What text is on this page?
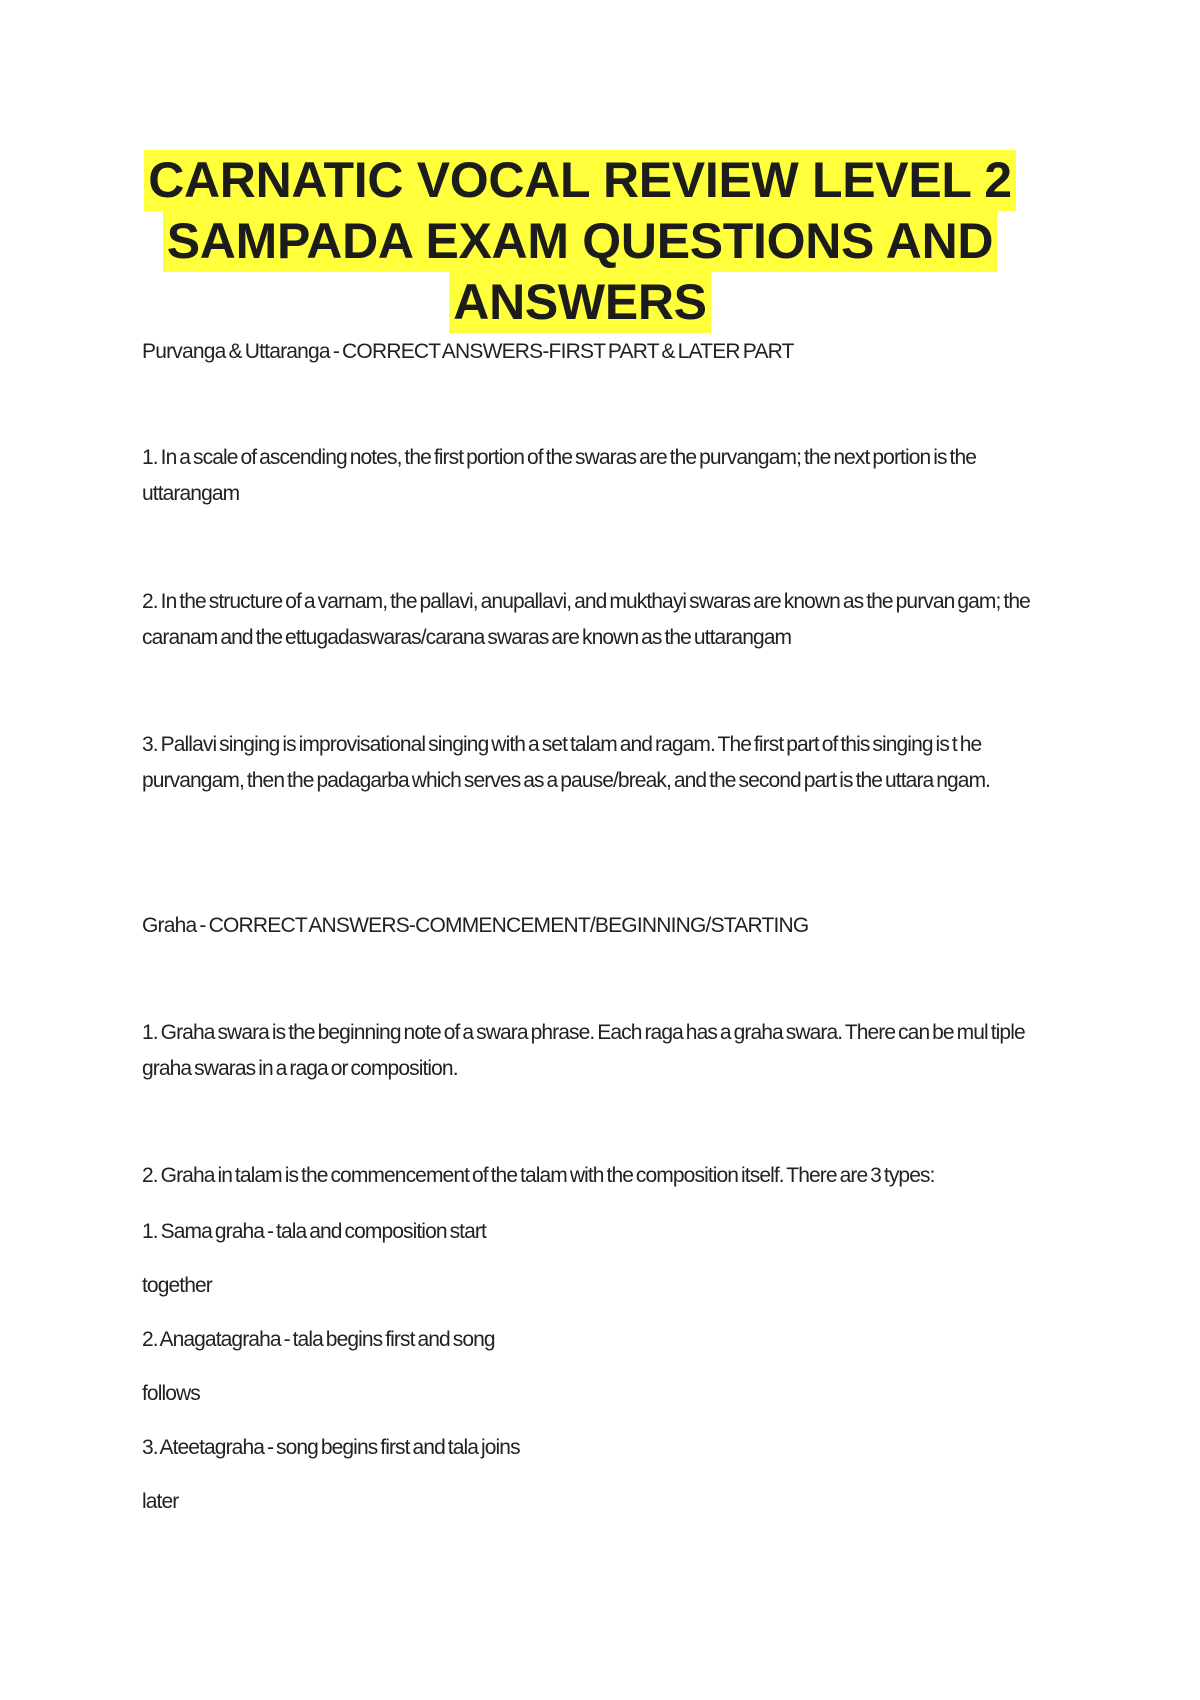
CARNATIC VOCAL REVIEW LEVEL 2
SAMPADA EXAM QUESTIONS AND
ANSWERS
Purvanga & Uttaranga - CORRECT ANSWERS-FIRST PART & LATER PART
1. In a scale of ascending notes, the first portion of the swaras are the purvangam; the next portion is the uttarangam
2. In the structure of a varnam, the pallavi, anupallavi, and mukthayi swaras are known as the purvan gam; the caranam and the ettugadaswaras/carana swaras are known as the uttarangam
3. Pallavi singing is improvisational singing with a set talam and ragam. The first part of this singing is t he purvangam, then the padagarba which serves as a pause/break, and the second part is the uttara ngam.
Graha - CORRECT ANSWERS-COMMENCEMENT/BEGINNING/STARTING
1. Graha swara is the beginning note of a swara phrase. Each raga has a graha swara. There can be mul tiple graha swaras in a raga or composition.
2. Graha in talam is the commencement of the talam with the composition itself. There are 3 types:
1. Sama graha - tala and composition start
together
2. Anagatagraha - tala begins first and song
follows
3. Ateetagraha - song begins first and tala joins
later
